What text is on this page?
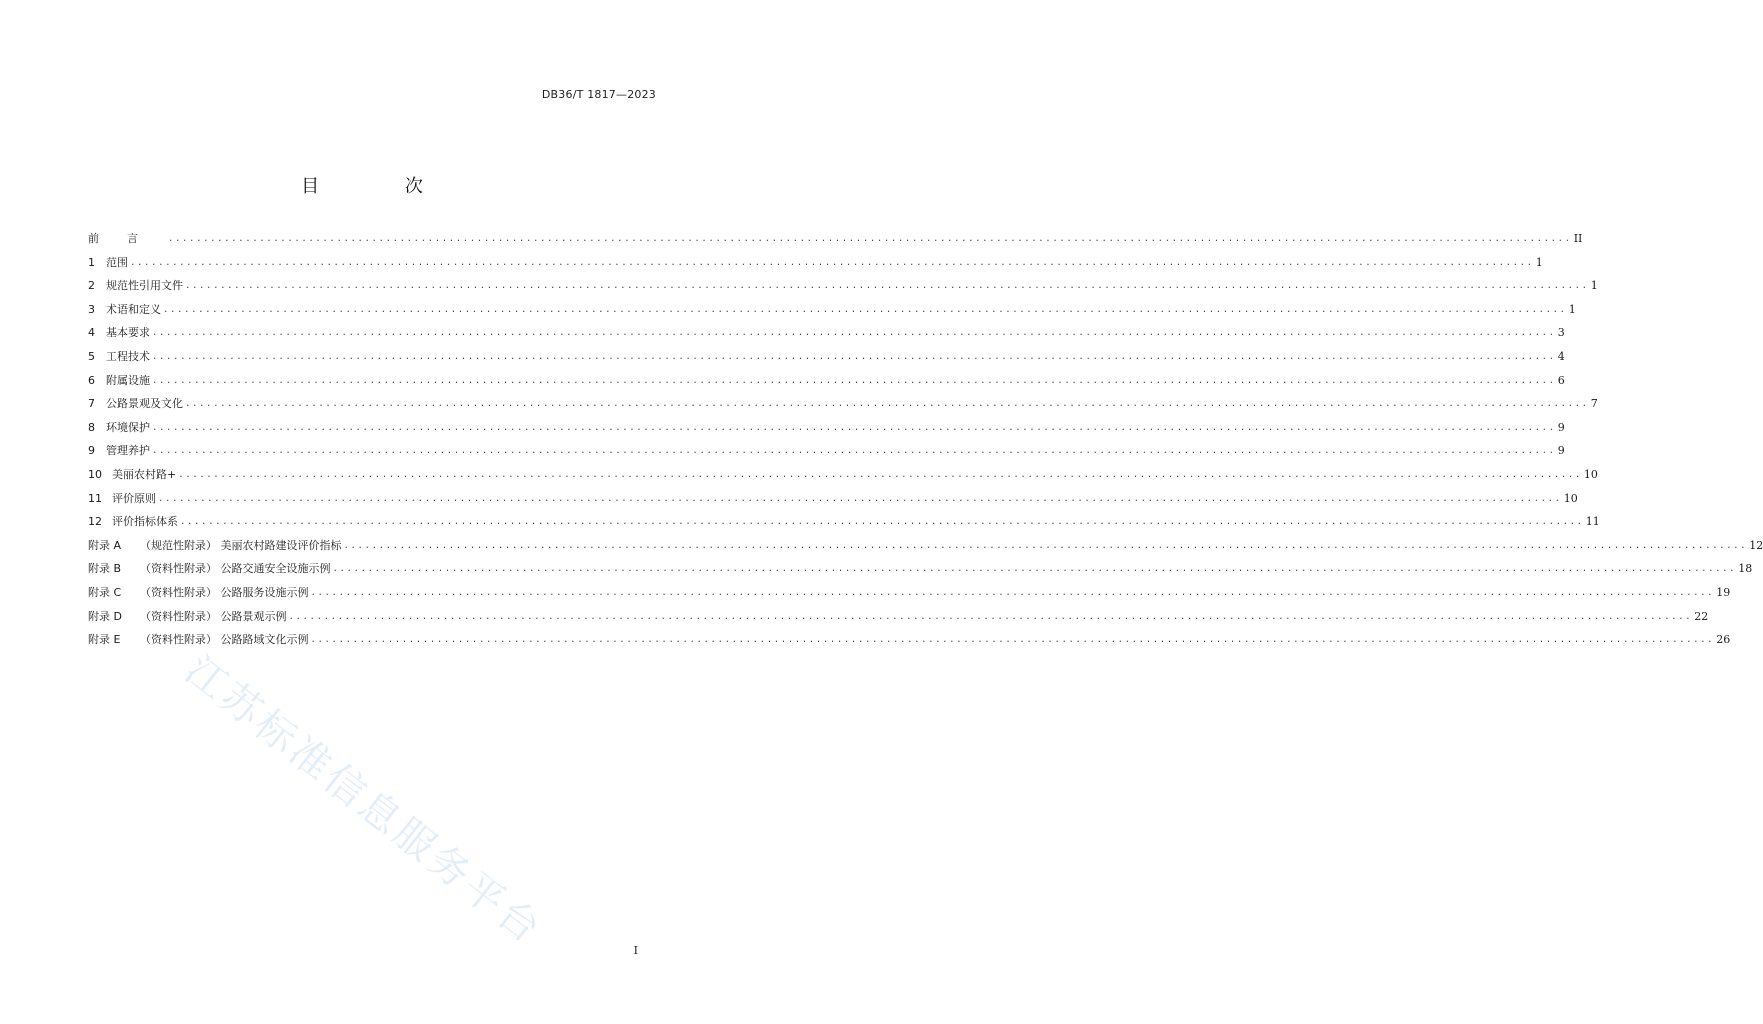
DB36/T 1817—2023
目 次
前言 ........................................................................................................................................................................................................ II
1	范围 ........................................................................................................................................................................................................ 1
2	规范性引用文件 ........................................................................................................................................................................................................ 1
3	术语和定义 ........................................................................................................................................................................................................ 1
4	基本要求 ........................................................................................................................................................................................................ 3
5	工程技术 ........................................................................................................................................................................................................ 4
6	附属设施 ........................................................................................................................................................................................................ 6
7	公路景观及文化 ........................................................................................................................................................................................................ 7
8	环境保护 ........................................................................................................................................................................................................ 9
9	管理养护 ........................................................................................................................................................................................................ 9
10 美丽农村路+ ........................................................................................................................................................................................................ 10
11 评价原则 ........................................................................................................................................................................................................ 10
12 评价指标体系 ........................................................................................................................................................................................................ 11
附录 A	（规范性附录） 美丽农村路建设评价指标 ........................................................................................................................................................................................................ 12
附录 B	（资料性附录） 公路交通安全设施示例 ........................................................................................................................................................................................................ 18
附录 C	（资料性附录） 公路服务设施示例 ........................................................................................................................................................................................................ 19
附录 D	（资料性附录） 公路景观示例 ........................................................................................................................................................................................................ 22
附录 E	（资料性附录） 公路路域文化示例 ........................................................................................................................................................................................................ 26
江苏标准信息服务平台	I
